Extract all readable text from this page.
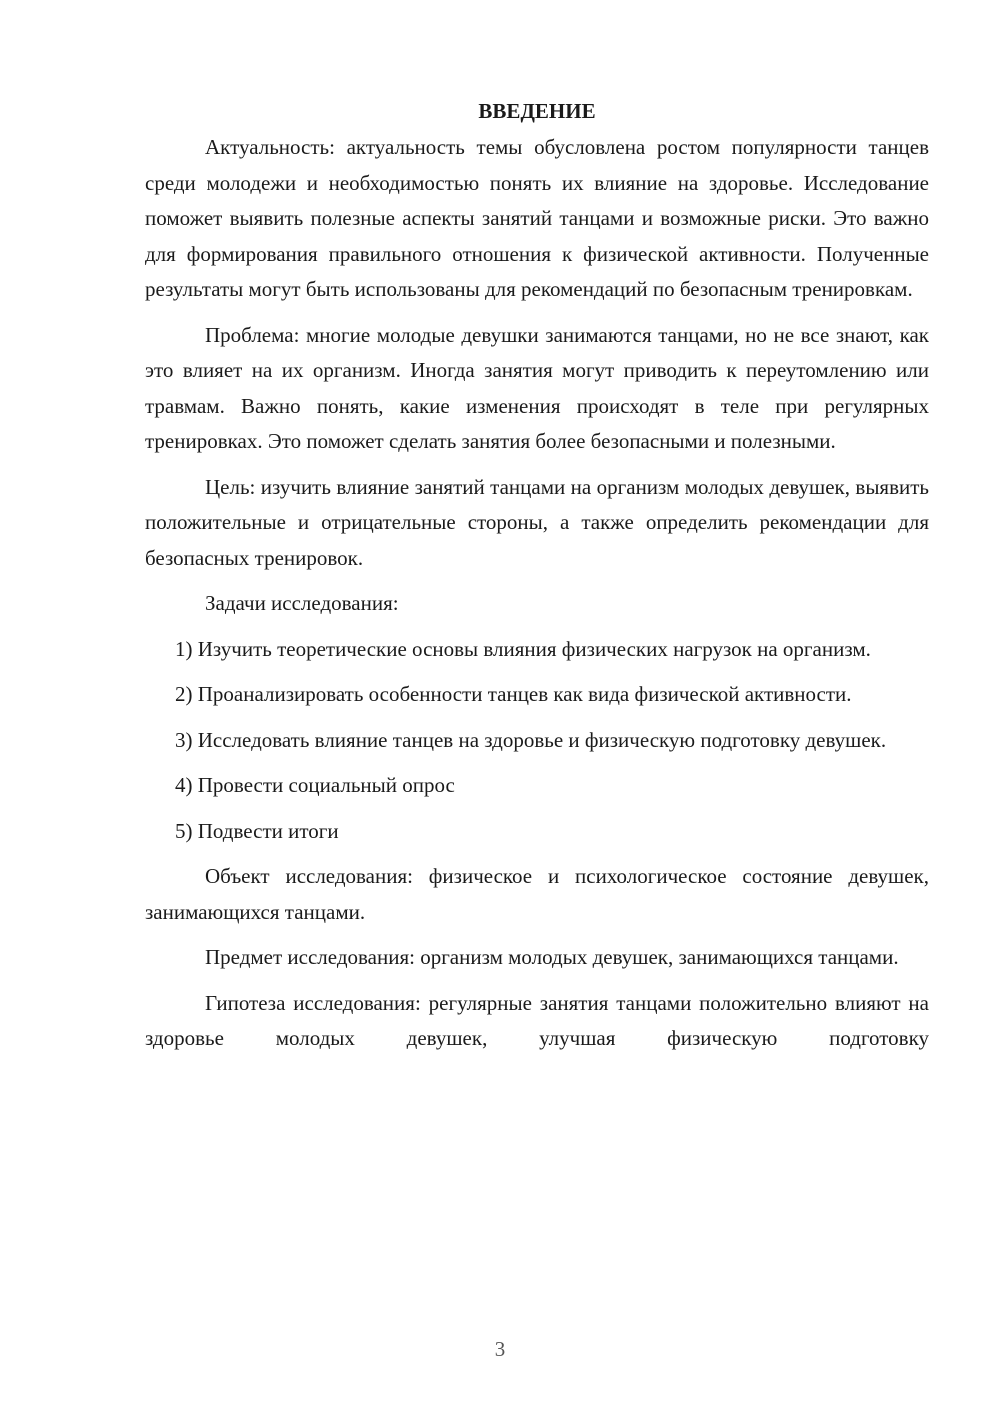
ВВЕДЕНИЕ

Актуальность: актуальность темы обусловлена ростом популярности танцев среди молодежи и необходимостью понять их влияние на здоровье. Исследование поможет выявить полезные аспекты занятий танцами и возможные риски. Это важно для формирования правильного отношения к физической активности. Полученные результаты могут быть использованы для рекомендаций по безопасным тренировкам.

Проблема: многие молодые девушки занимаются танцами, но не все знают, как это влияет на их организм. Иногда занятия могут приводить к переутомлению или травмам. Важно понять, какие изменения происходят в теле при регулярных тренировках. Это поможет сделать занятия более безопасными и полезными.

Цель: изучить влияние занятий танцами на организм молодых девушек, выявить положительные и отрицательные стороны, а также определить рекомендации для безопасных тренировок.

Задачи исследования:

1) Изучить теоретические основы влияния физических нагрузок на организм.

2) Проанализировать особенности танцев как вида физической активности.

3) Исследовать влияние танцев на здоровье и физическую подготовку девушек.

4) Провести социальный опрос

5) Подвести итоги

Объект исследования: физическое и психологическое состояние девушек, занимающихся танцами.

Предмет исследования: организм молодых девушек, занимающихся танцами.

Гипотеза исследования: регулярные занятия танцами положительно влияют на здоровье молодых девушек, улучшая физическую подготовку

3
